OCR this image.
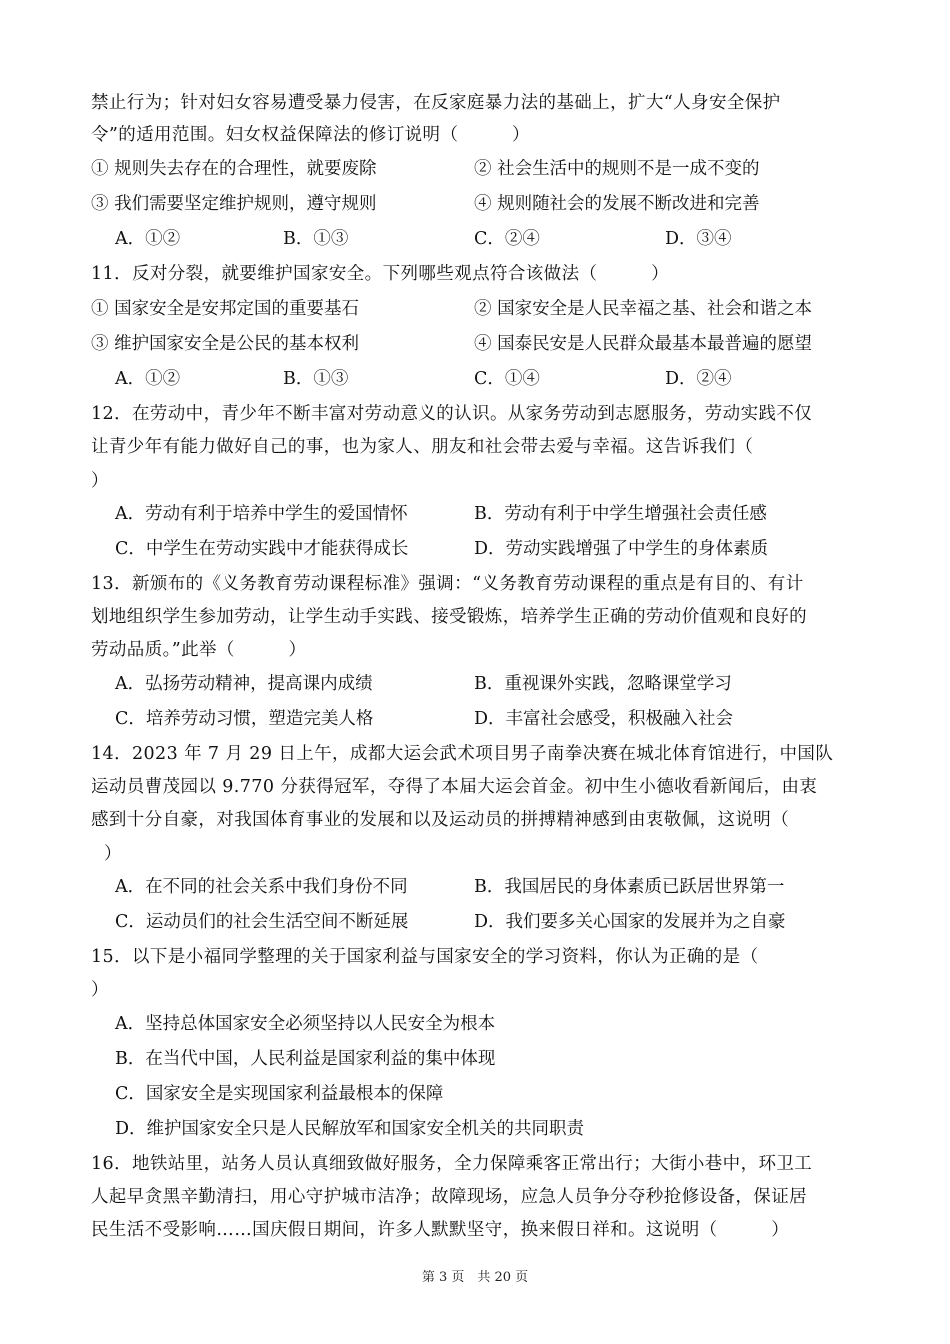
禁止行为；针对妇女容易遭受暴力侵害，在反家庭暴力法的基础上，扩大“人身安全保护
令”的适用范围。妇女权益保障法的修订说明（　　　）
① 规则失去存在的合理性，就要废除	② 社会生活中的规则不是一成不变的
③ 我们需要坚定维护规则，遵守规则	④ 规则随社会的发展不断改进和完善
A．①②	B．①③	C．②④	D．③④
11．反对分裂，就要维护国家安全。下列哪些观点符合该做法（　　　）
① 国家安全是安邦定国的重要基石	② 国家安全是人民幸福之基、社会和谐之本
③ 维护国家安全是公民的基本权利	④ 国泰民安是人民群众最基本最普遍的愿望
A．①②	B．①③	C．①④	D．②④
12．在劳动中，青少年不断丰富对劳动意义的认识。从家务劳动到志愿服务，劳动实践不仅
让青少年有能力做好自己的事，也为家人、朋友和社会带去爱与幸福。这告诉我们（
）
A．劳动有利于培养中学生的爱国情怀	B．劳动有利于中学生增强社会责任感
C．中学生在劳动实践中才能获得成长	D．劳动实践增强了中学生的身体素质
13．新颁布的《义务教育劳动课程标准》强调：“义务教育劳动课程的重点是有目的、有计
划地组织学生参加劳动，让学生动手实践、接受锻炼，培养学生正确的劳动价值观和良好的
劳动品质。”此举（　　　）
A．弘扬劳动精神，提高课内成绩	B．重视课外实践，忽略课堂学习
C．培养劳动习惯，塑造完美人格	D．丰富社会感受，积极融入社会
14．2023 年 7 月 29 日上午，成都大运会武术项目男子南拳决赛在城北体育馆进行，中国队
运动员曹茂园以 9.770 分获得冠军，夺得了本届大运会首金。初中生小德收看新闻后，由衷
感到十分自豪，对我国体育事业的发展和以及运动员的拼搏精神感到由衷敬佩，这说明（
）
A．在不同的社会关系中我们身份不同	B．我国居民的身体素质已跃居世界第一
C．运动员们的社会生活空间不断延展	D．我们要多关心国家的发展并为之自豪
15．以下是小福同学整理的关于国家利益与国家安全的学习资料，你认为正确的是（
）
A．坚持总体国家安全必须坚持以人民安全为根本
B．在当代中国，人民利益是国家利益的集中体现
C．国家安全是实现国家利益最根本的保障
D．维护国家安全只是人民解放军和国家安全机关的共同职责
16．地铁站里，站务人员认真细致做好服务，全力保障乘客正常出行；大街小巷中，环卫工
人起早贪黑辛勤清扫，用心守护城市洁净；故障现场，应急人员争分夺秒抢修设备，保证居
民生活不受影响……国庆假日期间，许多人默默坚守，换来假日祥和。这说明（　　　）
第 3 页　共 20 页
